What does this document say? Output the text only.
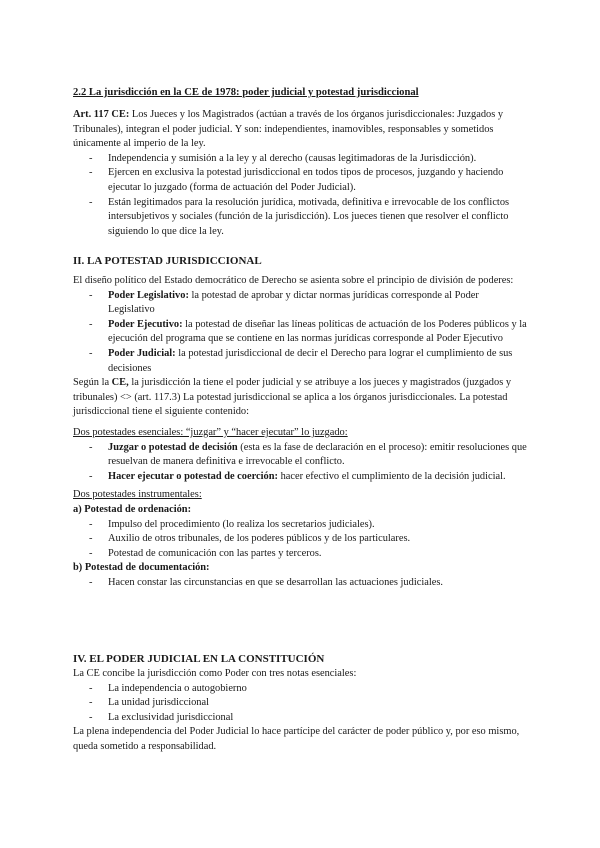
2.2 La jurisdicción en la CE de 1978: poder judicial y potestad jurisdiccional

Art. 117 CE: Los Jueces y los Magistrados (actúan a través de los órganos jurisdiccionales: Juzgados y Tribunales), integran el poder judicial. Y son: independientes, inamovibles, responsables y sometidos únicamente al imperio de la ley.

- Independencia y sumisión a la ley y al derecho (causas legitimadoras de la Jurisdicción).
- Ejercen en exclusiva la potestad jurisdiccional en todos tipos de procesos, juzgando y haciendo ejecutar lo juzgado (forma de actuación del Poder Judicial).
- Están legitimados para la resolución jurídica, motivada, definitiva e irrevocable de los conflictos intersubjetivos y sociales (función de la jurisdicción). Los jueces tienen que resolver el conflicto siguiendo lo que dice la ley.
II. LA POTESTAD JURISDICCIONAL

El diseño político del Estado democrático de Derecho se asienta sobre el principio de división de poderes:

- Poder Legislativo: la potestad de aprobar y dictar normas jurídicas corresponde al Poder Legislativo
- Poder Ejecutivo: la potestad de diseñar las líneas políticas de actuación de los Poderes públicos y la ejecución del programa que se contiene en las normas jurídicas corresponde al Poder Ejecutivo
- Poder Judicial: la potestad jurisdiccional de decir el Derecho para lograr el cumplimiento de sus decisiones

Según la CE, la jurisdicción la tiene el poder judicial y se atribuye a los jueces y magistrados (juzgados y tribunales) <> (art. 117.3) La potestad jurisdiccional se aplica a los órganos jurisdiccionales. La potestad jurisdiccional tiene el siguiente contenido:

Dos potestades esenciales: “juzgar” y “hacer ejecutar” lo juzgado:

- Juzgar o potestad de decisión (esta es la fase de declaración en el proceso): emitir resoluciones que resuelvan de manera definitiva e irrevocable el conflicto.
- Hacer ejecutar o potestad de coerción: hacer efectivo el cumplimiento de la decisión judicial.

Dos potestades instrumentales:

a) Potestad de ordenación:

- Impulso del procedimiento (lo realiza los secretarios judiciales).
- Auxilio de otros tribunales, de los poderes públicos y de los particulares.
- Potestad de comunicación con las partes y terceros.

b) Potestad de documentación:

- Hacen constar las circunstancias en que se desarrollan las actuaciones judiciales.
IV. EL PODER JUDICIAL EN LA CONSTITUCIÓN

La CE concibe la jurisdicción como Poder con tres notas esenciales:

- La independencia o autogobierno
- La unidad jurisdiccional
- La exclusividad jurisdiccional

La plena independencia del Poder Judicial lo hace partícipe del carácter de poder público y, por eso mismo, queda sometido a responsabilidad.
